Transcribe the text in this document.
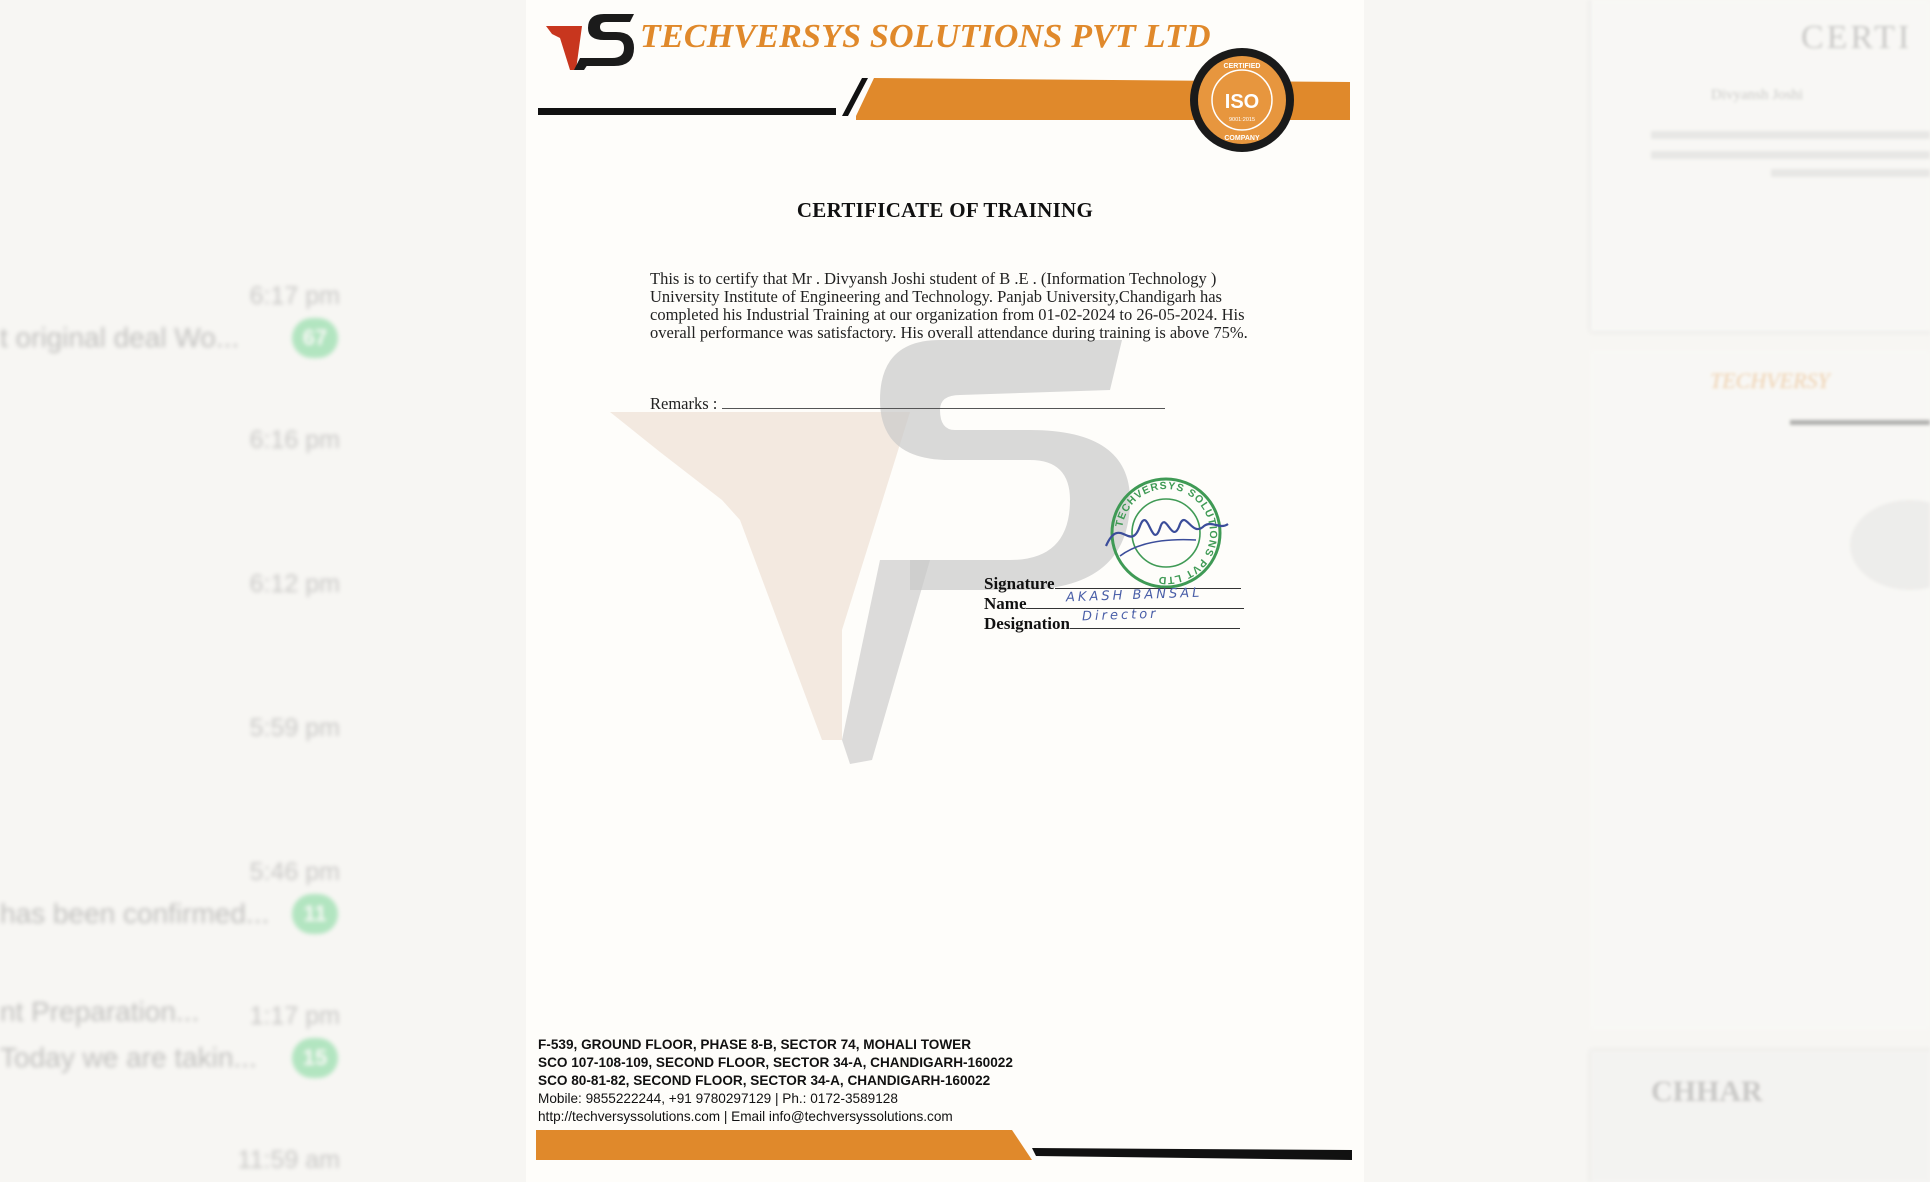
6:17 pm
t original deal Wo...	67
6:16 pm
6:12 pm
5:59 pm
5:46 pm
has been confirmed...	11
1:17 pm
nt Preparation...
Today we are takin...	15
11:59 am
CERTI
Divyansh Joshi
TECHVERSY
CHHAR
TECHVERSYS SOLUTIONS PVT LTD
ISO
CERTIFIED
9001:2015
COMPANY
CERTIFICATE OF TRAINING
This is to certify that Mr . Divyansh Joshi student of B .E . (Information Technology ) University Institute of Engineering and Technology. Panjab University,Chandigarh has completed his Industrial Training at our organization from 01-02-2024 to 26-05-2024. His overall performance was satisfactory. His overall attendance during training is above 75%.
Remarks :
TECHVERSYS SOLUTIONS PVT LTD
Signature
Name	AKASH BANSAL
Designation Director
F-539, GROUND FLOOR, PHASE 8-B, SECTOR 74, MOHALI TOWER
SCO 107-108-109, SECOND FLOOR, SECTOR 34-A, CHANDIGARH-160022
SCO 80-81-82, SECOND FLOOR, SECTOR 34-A, CHANDIGARH-160022
Mobile: 9855222244, +91 9780297129 | Ph.: 0172-3589128
http://techversyssolutions.com | Email info@techversyssolutions.com
